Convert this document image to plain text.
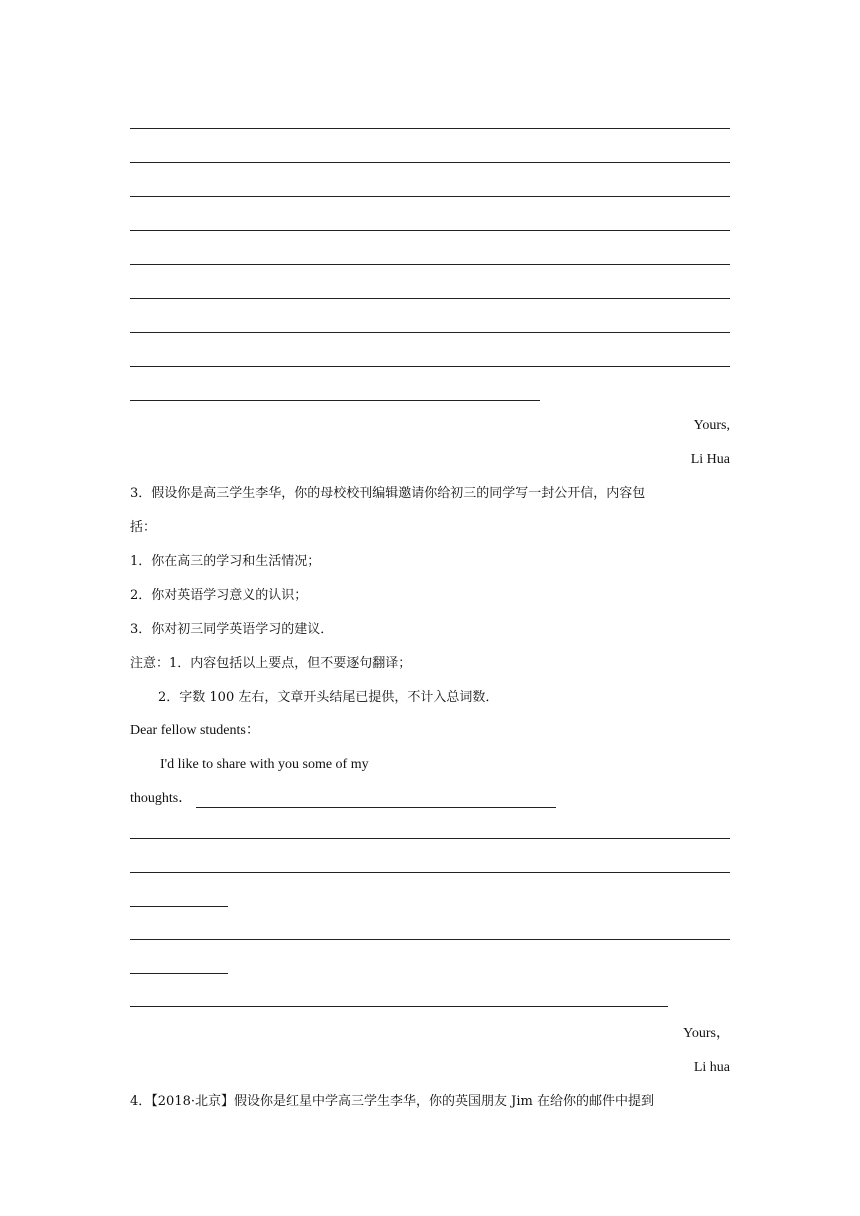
Yours,
Li Hua
3．假设你是高三学生李华，你的母校校刊编辑邀请你给初三的同学写一封公开信，内容包
括：
1．你在高三的学习和生活情况；
2．你对英语学习意义的认识；
3．你对初三同学英语学习的建议．
注意：1．内容包括以上要点，但不要逐句翻译；
2．字数 100 左右，文章开头结尾已提供，不计入总词数．
Dear fellow students：
I'd like to share with you some of my
thoughts．
Yours，
Li hua
4．【2018·北京】假设你是红星中学高三学生李华，你的英国朋友 Jim 在给你的邮件中提到
